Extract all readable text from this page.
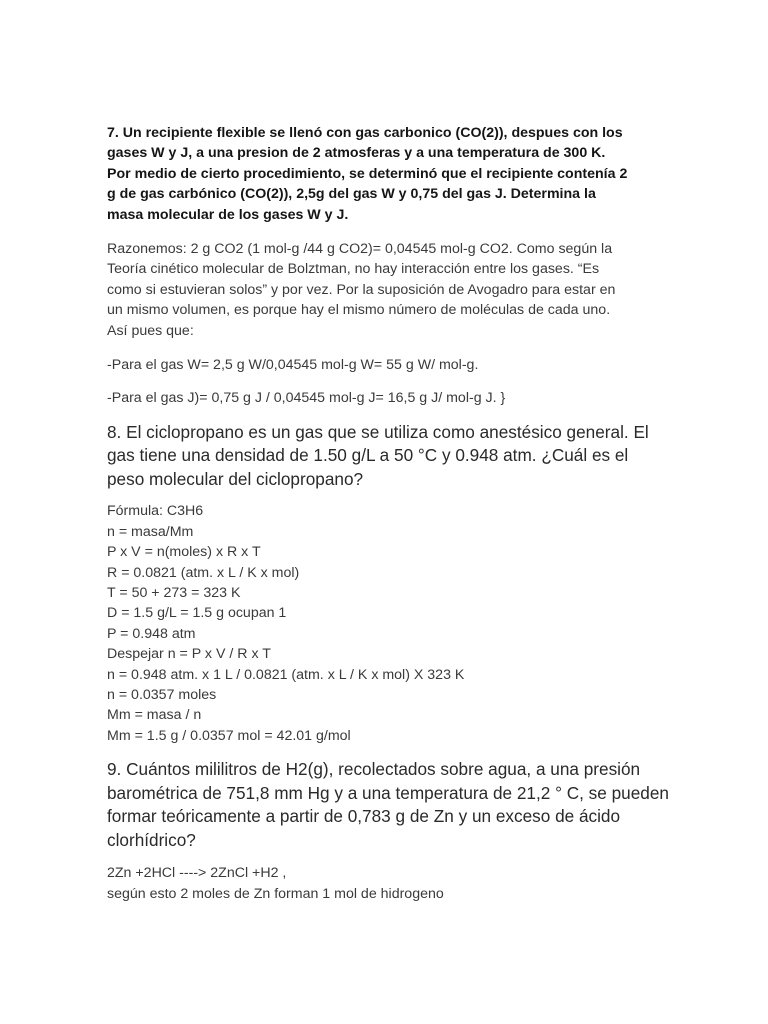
7. Un recipiente flexible se llenó con gas carbonico (CO(2)), despues con los
gases W y J, a una presion de 2 atmosferas y a una temperatura de 300 K.
Por medio de cierto procedimiento, se determinó que el recipiente contenía 2
g de gas carbónico (CO(2)), 2,5g del gas W y 0,75 del gas J. Determina la
masa molecular de los gases W y J.
Razonemos: 2 g CO2 (1 mol-g /44 g CO2)= 0,04545 mol-g CO2. Como según la
Teoría cinético molecular de Bolztman, no hay interacción entre los gases. “Es
como si estuvieran solos” y por vez. Por la suposición de Avogadro para estar en
un mismo volumen, es porque hay el mismo número de moléculas de cada uno.
Así pues que:

-Para el gas W= 2,5 g W/0,04545 mol-g W= 55 g W/ mol-g.

-Para el gas J)= 0,75 g J / 0,04545 mol-g J= 16,5 g J/ mol-g J. }

8. El ciclopropano es un gas que se utiliza como anestésico general. El
gas tiene una densidad de 1.50 g/L a 50 °C y 0.948 atm. ¿Cuál es el
peso molecular del ciclopropano?
Fórmula: C3H6
n = masa/Mm
P x V = n(moles) x R x T
R = 0.0821 (atm. x L / K x mol)
T = 50 + 273 = 323 K
D = 1.5 g/L = 1.5 g ocupan 1
P = 0.948 atm
Despejar n = P x V / R x T
n = 0.948 atm. x 1 L / 0.0821 (atm. x L / K x mol) X 323 K
n = 0.0357 moles
Mm = masa / n
Mm = 1.5 g / 0.0357 mol = 42.01 g/mol
9. Cuántos mililitros de H2(g), recolectados sobre agua, a una presión
barométrica de 751,8 mm Hg y a una temperatura de 21,2 ° C, se pueden
formar teóricamente a partir de 0,783 g de Zn y un exceso de ácido
clorhídrico?
2Zn +2HCl ----> 2ZnCl +H2 ,
según esto 2 moles de Zn forman 1 mol de hidrogeno
